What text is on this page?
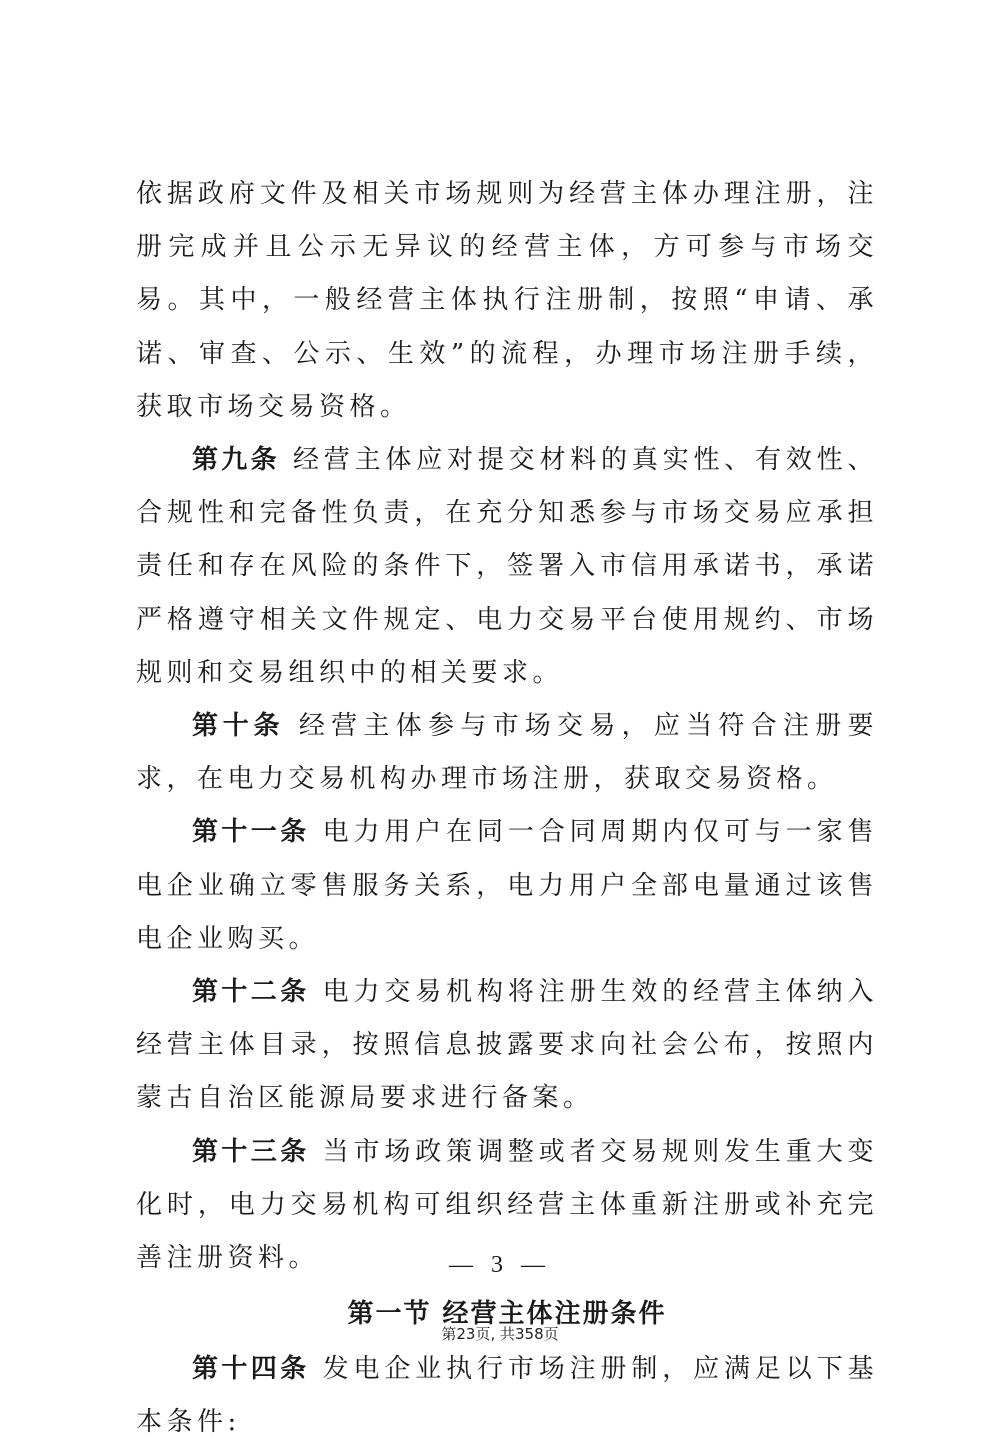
依据政府文件及相关市场规则为经营主体办理注册，注册完成并且公示无异议的经营主体，方可参与市场交易。其中，一般经营主体执行注册制，按照“申请、承诺、审查、公示、生效”的流程，办理市场注册手续，获取市场交易资格。

第九条 经营主体应对提交材料的真实性、有效性、合规性和完备性负责，在充分知悉参与市场交易应承担责任和存在风险的条件下，签署入市信用承诺书，承诺严格遵守相关文件规定、电力交易平台使用规约、市场规则和交易组织中的相关要求。

第十条 经营主体参与市场交易，应当符合注册要求，在电力交易机构办理市场注册，获取交易资格。

第十一条 电力用户在同一合同周期内仅可与一家售电企业确立零售服务关系，电力用户全部电量通过该售电企业购买。

第十二条 电力交易机构将注册生效的经营主体纳入经营主体目录，按照信息披露要求向社会公布，按照内蒙古自治区能源局要求进行备案。

第十三条 当市场政策调整或者交易规则发生重大变化时，电力交易机构可组织经营主体重新注册或补充完善注册资料。

第一节 经营主体注册条件

第十四条 发电企业执行市场注册制，应满足以下基本条件:

— 3 —
第23页, 共358页
